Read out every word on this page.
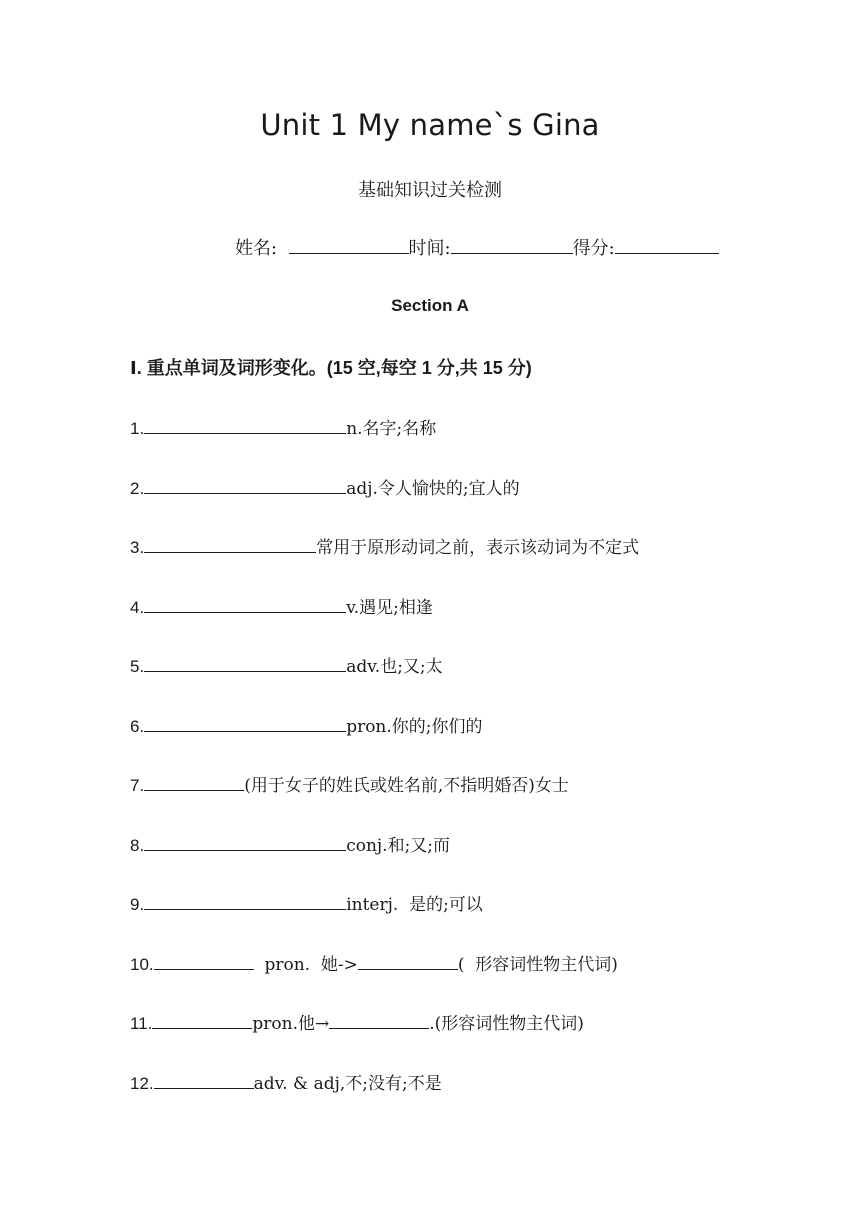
Unit 1 My name`s Gina
基础知识过关检测
姓名:	时间:	得分:
Section A
Ⅰ. 重点单词及词形变化。(15 空,每空 1 分,共 15 分)
1.	n.名字;名称
2.	adj.令人愉快的;宜人的
3.	常用于原形动词之前，表示该动词为不定式
4.	v.遇见;相逢
5.	adv.也;又;太
6.	pron.你的;你们的
7.	(用于女子的姓氏或姓名前,不指明婚否)女士
8.	conj.和;又;而
9.	interj.  是的;可以
10.	pron.  她->	(  形容词性物主代词)
11.	pron.他→	.(形容词性物主代词)
12.	adv. & adj,不;没有;不是
